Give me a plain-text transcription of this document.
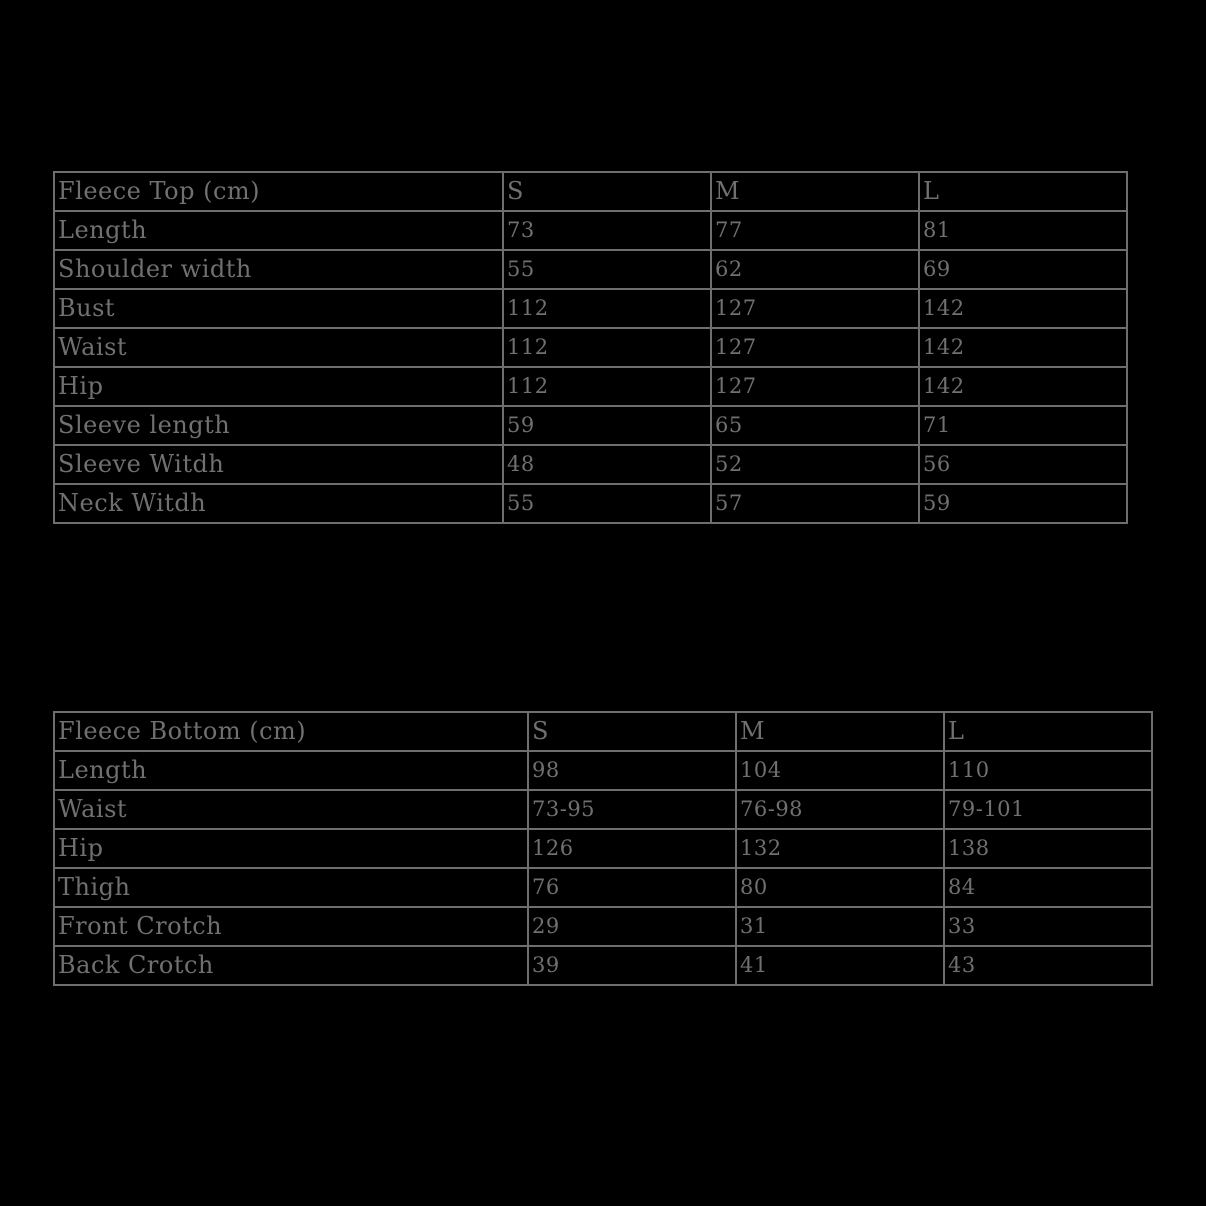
Fleece Top (cm)	S	M	L
Length	73	77	81
Shoulder width	55	62	69
Bust	112	127	142
Waist	112	127	142
Hip	112	127	142
Sleeve length	59	65	71
Sleeve Witdh	48	52	56
Neck Witdh	55	57	59
Fleece Bottom (cm)	S	M	L
Length	98	104	110
Waist	73-95	76-98	79-101
Hip	126	132	138
Thigh	76	80	84
Front Crotch	29	31	33
Back Crotch	39	41	43
